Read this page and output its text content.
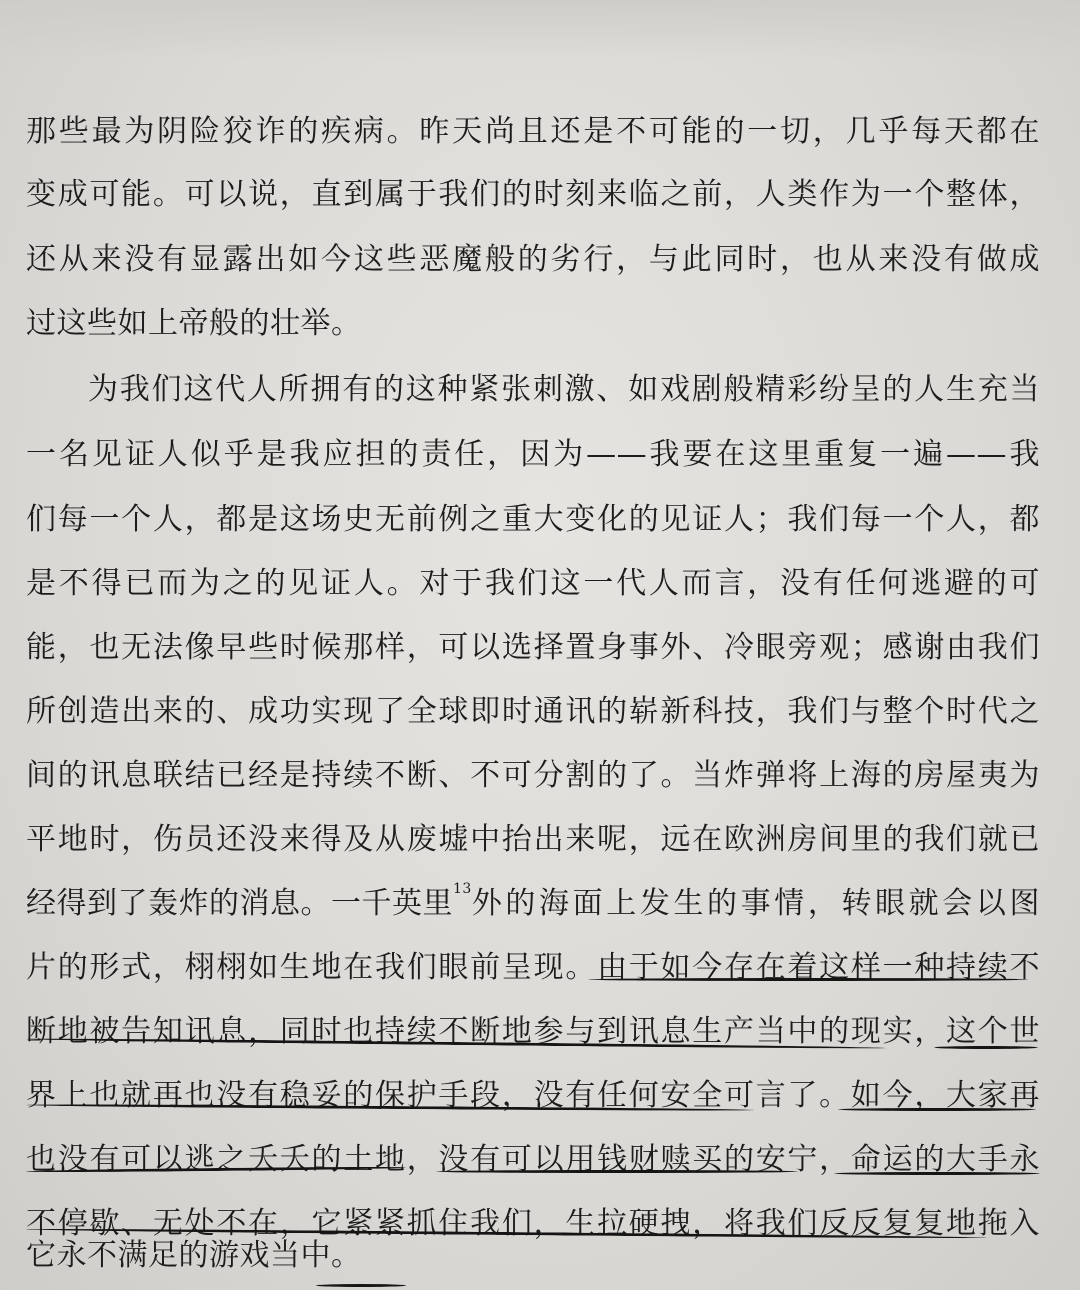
那些最为阴险狡诈的疾病。昨天尚且还是不可能的一切，几乎每天都在
变成可能。可以说，直到属于我们的时刻来临之前，人类作为一个整体，
还从来没有显露出如今这些恶魔般的劣行，与此同时，也从来没有做成
过这些如上帝般的壮举。
为我们这代人所拥有的这种紧张刺激、如戏剧般精彩纷呈的人生充当
一名见证人似乎是我应担的责任，因为——我要在这里重复一遍——我
们每一个人，都是这场史无前例之重大变化的见证人；我们每一个人，都
是不得已而为之的见证人。对于我们这一代人而言，没有任何逃避的可
能，也无法像早些时候那样，可以选择置身事外、冷眼旁观；感谢由我们
所创造出来的、成功实现了全球即时通讯的崭新科技，我们与整个时代之
间的讯息联结已经是持续不断、不可分割的了。当炸弹将上海的房屋夷为
平地时，伤员还没来得及从废墟中抬出来呢，远在欧洲房间里的我们就已
经得到了轰炸的消息。一千英里 13 外的海面上发生的事情，转眼就会以图
片的形式，栩栩如生地在我们眼前呈现。由于如今存在着这样一种持续不
断地被告知讯息，同时也持续不断地参与到讯息生产当中的现实，这个世
界上也就再也没有稳妥的保护手段，没有任何安全可言了。如今，大家再
也没有可以逃之夭夭的土地，没有可以用钱财赎买的安宁，命运的大手永
不停歇、无处不在，它紧紧抓住我们，生拉硬拽，将我们反反复复地拖入
它永不满足的游戏当中。
